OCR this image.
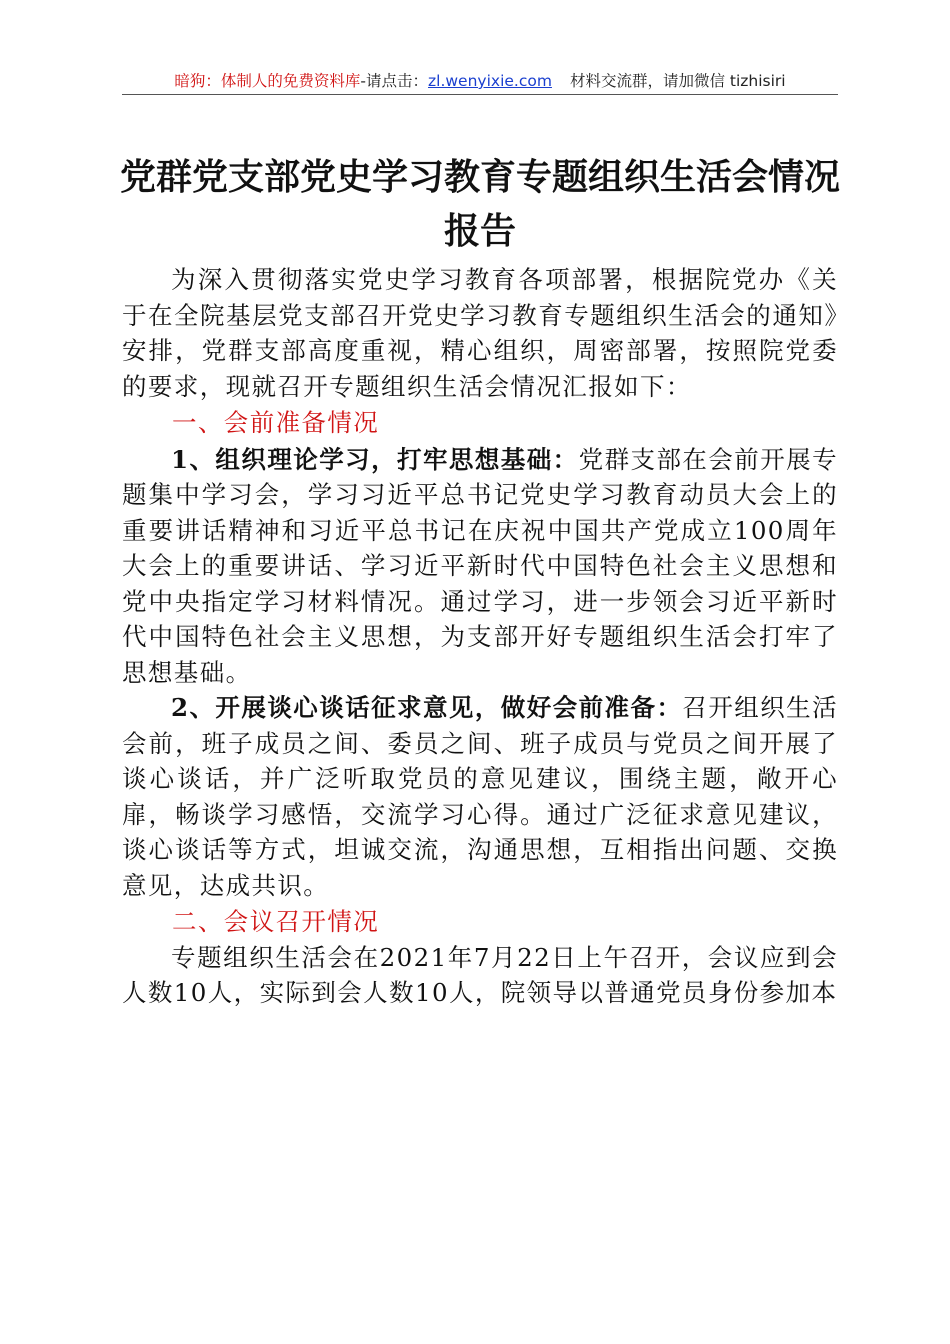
暗狗：体制人的免费资料库-请点击：zl.wenyixie.com 材料交流群，请加微信 tizhisiri
党群党支部党史学习教育专题组织生活会情况报告

为深入贯彻落实党史学习教育各项部署，根据院党办《关于在全院基层党支部召开党史学习教育专题组织生活会的通知》安排，党群支部高度重视，精心组织，周密部署，按照院党委的要求，现就召开专题组织生活会情况汇报如下：

一、会前准备情况

1、组织理论学习，打牢思想基础：党群支部在会前开展专题集中学习会，学习习近平总书记党史学习教育动员大会上的重要讲话精神和习近平总书记在庆祝中国共产党成立100周年大会上的重要讲话、学习近平新时代中国特色社会主义思想和党中央指定学习材料情况。通过学习，进一步领会习近平新时代中国特色社会主义思想，为支部开好专题组织生活会打牢了思想基础。

2、开展谈心谈话征求意见，做好会前准备：召开组织生活会前，班子成员之间、委员之间、班子成员与党员之间开展了谈心谈话，并广泛听取党员的意见建议，围绕主题，敞开心扉，畅谈学习感悟，交流学习心得。通过广泛征求意见建议，谈心谈话等方式，坦诚交流，沟通思想，互相指出问题、交换意见，达成共识。

二、会议召开情况

专题组织生活会在2021年7月22日上午召开，会议应到会人数10人，实际到会人数10人，院领导以普通党员身份参加本
